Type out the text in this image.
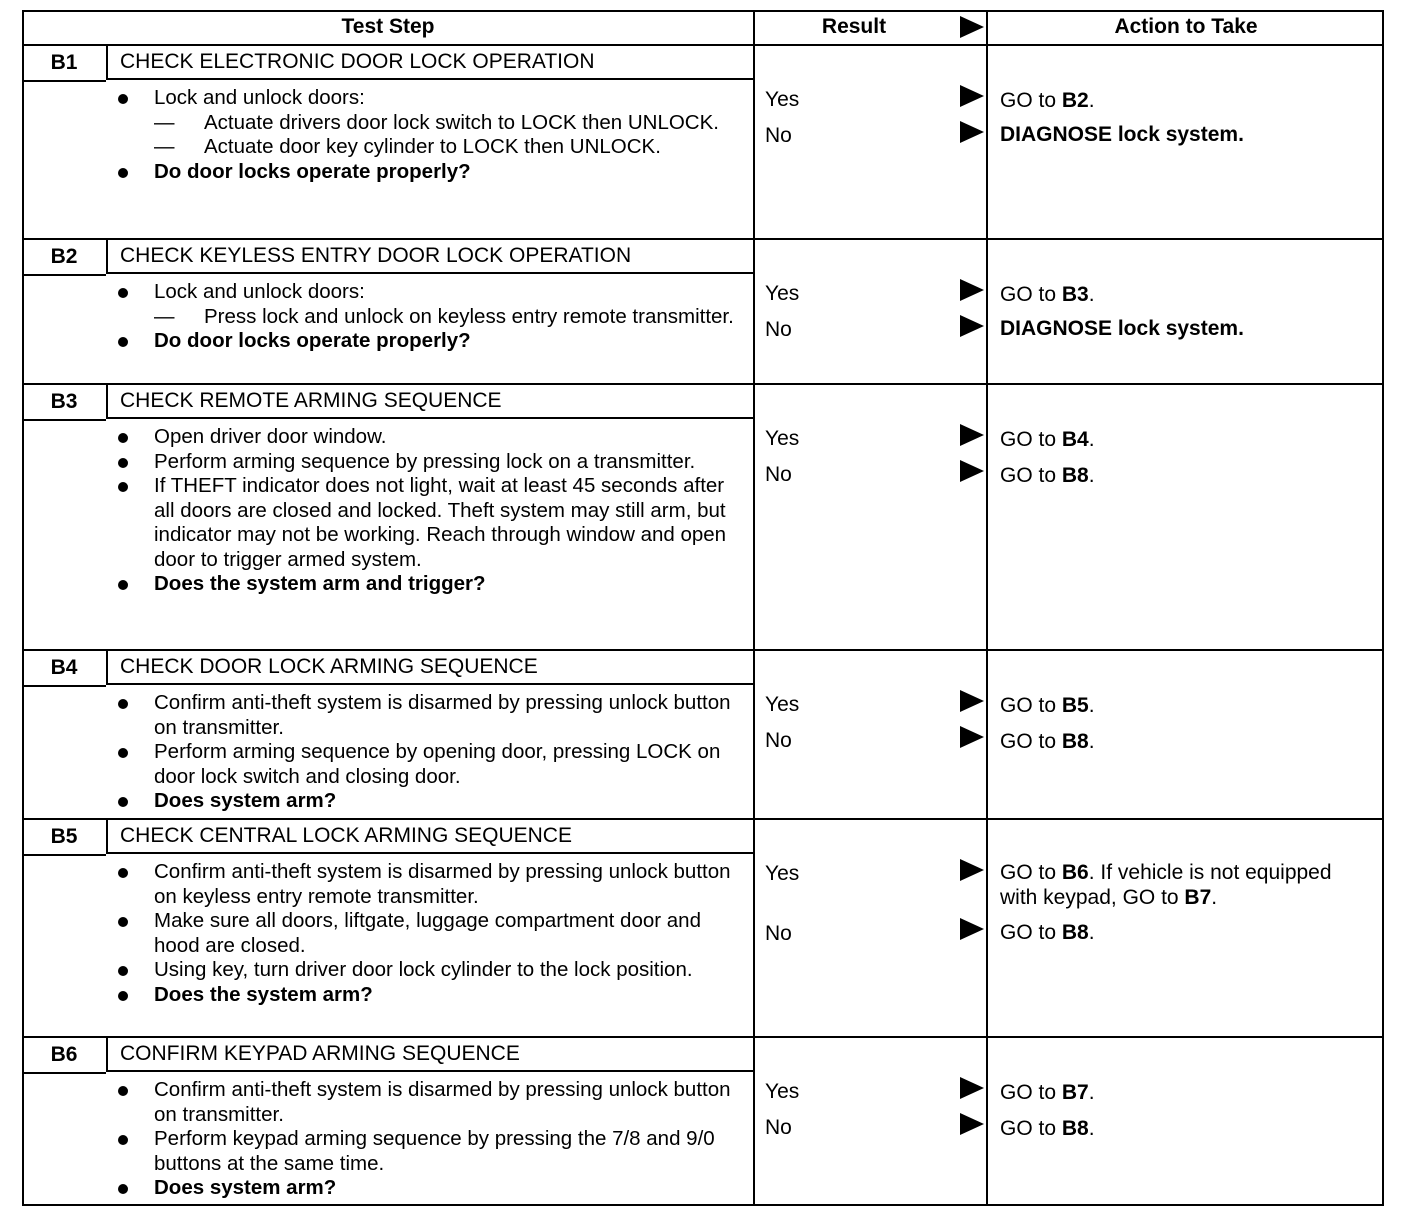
Test Step	Result	Action to Take
B1	CHECK ELECTRONIC DOOR LOCK OPERATION
Lock and unlock doors:
— Actuate drivers door lock switch to LOCK then UNLOCK.
— Actuate door key cylinder to LOCK then UNLOCK.
Do door locks operate properly?
Yes	GO to B2.
No	DIAGNOSE lock system.
B2	CHECK KEYLESS ENTRY DOOR LOCK OPERATION
Lock and unlock doors:
— Press lock and unlock on keyless entry remote transmitter.
Do door locks operate properly?
Yes	GO to B3.
No	DIAGNOSE lock system.
B3	CHECK REMOTE ARMING SEQUENCE
Open driver door window.
Perform arming sequence by pressing lock on a transmitter.
If THEFT indicator does not light, wait at least 45 seconds after all doors are closed and locked. Theft system may still arm, but indicator may not be working. Reach through window and open door to trigger armed system.
Does the system arm and trigger?
Yes	GO to B4.
No	GO to B8.
B4	CHECK DOOR LOCK ARMING SEQUENCE
Confirm anti-theft system is disarmed by pressing unlock button on transmitter.
Perform arming sequence by opening door, pressing LOCK on door lock switch and closing door.
Does system arm?
Yes	GO to B5.
No	GO to B8.
B5	CHECK CENTRAL LOCK ARMING SEQUENCE
Confirm anti-theft system is disarmed by pressing unlock button on keyless entry remote transmitter.
Make sure all doors, liftgate, luggage compartment door and hood are closed.
Using key, turn driver door lock cylinder to the lock position.
Does the system arm?
Yes	GO to B6. If vehicle is not equipped
with keypad, GO to B7.
No	GO to B8.
B6	CONFIRM KEYPAD ARMING SEQUENCE
Confirm anti-theft system is disarmed by pressing unlock button on transmitter.
Perform keypad arming sequence by pressing the 7/8 and 9/0 buttons at the same time.
Does system arm?
Yes	GO to B7.
No	GO to B8.
